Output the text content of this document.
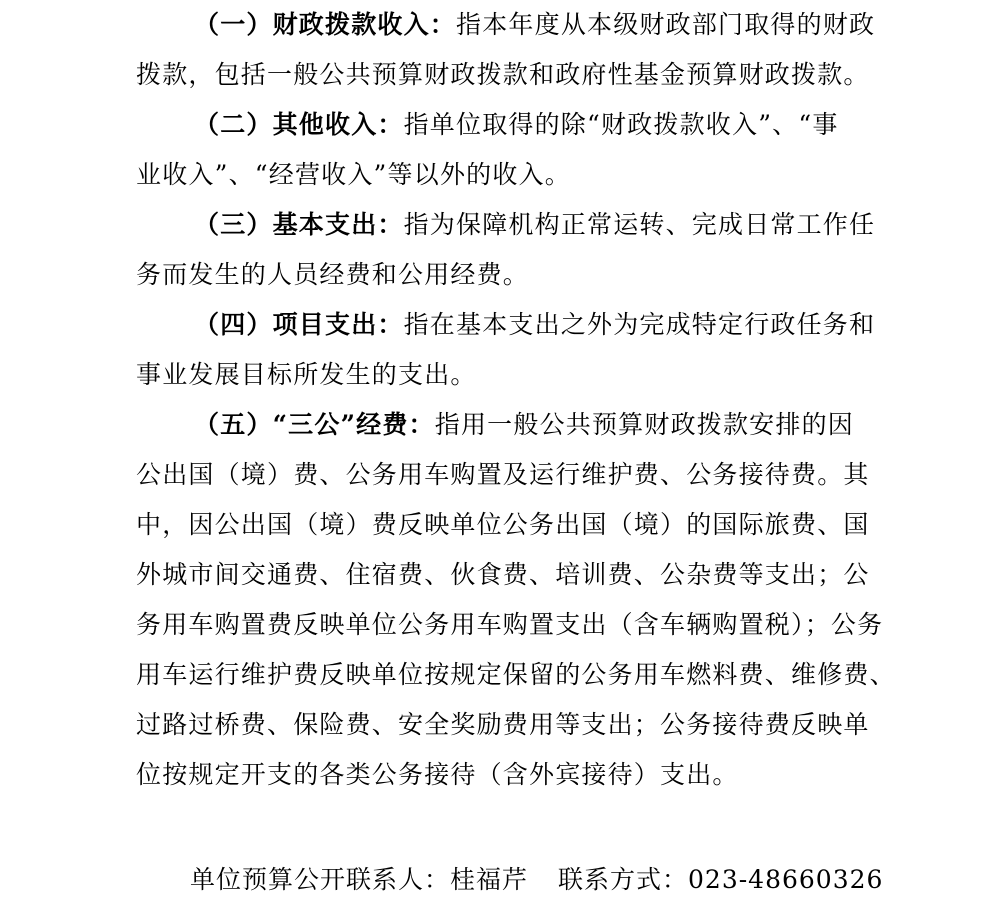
（一）财政拨款收入：指本年度从本级财政部门取得的财政
拨款，包括一般公共预算财政拨款和政府性基金预算财政拨款。
（二）其他收入：指单位取得的除“财政拨款收入”、“事
业收入”、“经营收入”等以外的收入。
（三）基本支出：指为保障机构正常运转、完成日常工作任
务而发生的人员经费和公用经费。
（四）项目支出：指在基本支出之外为完成特定行政任务和
事业发展目标所发生的支出。
（五）“三公”经费：指用一般公共预算财政拨款安排的因
公出国（境）费、公务用车购置及运行维护费、公务接待费。其
中，因公出国（境）费反映单位公务出国（境）的国际旅费、国
外城市间交通费、住宿费、伙食费、培训费、公杂费等支出；公
务用车购置费反映单位公务用车购置支出（含车辆购置税）；公务
用车运行维护费反映单位按规定保留的公务用车燃料费、维修费、
过路过桥费、保险费、安全奖励费用等支出；公务接待费反映单
位按规定开支的各类公务接待（含外宾接待）支出。
单位预算公开联系人：桂福芹 联系方式：023-48660326
